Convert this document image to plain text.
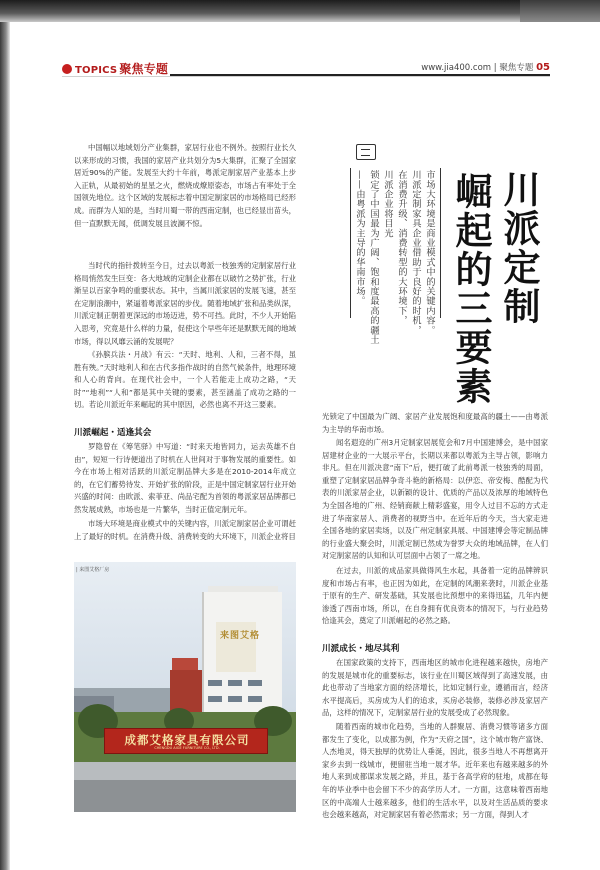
TOPICS 聚焦专题	www.jia400.com | 聚焦专题 05
川派定制
崛起的三要素
市场大环境是商业模式中的关键内容。
川派定制家具企业借助于良好的时机，
在消费升级、消费转型的大环境下，
川派企业将目光
锁定了中国最为广阔、饱和度最高的疆土
——由粤派为主导的华南市场。
中国幅以地域划分产业集群，家居行业也不例外。按照行业长久以来形成的习惯，我国的家居产业共划分为5大集群，汇聚了全国家居近90%的产能。发展至大约十年前，粤派定制家居产业基本上步入正轨，从最初始的星星之火，燃烧成燎原姿态，市场占有率处于全国领先地位。这个区域的发展标志着中国定制家居的市场格局已经形成。而群为人知的是，当时川蜀一带的西南定制，也已经显出苗头，但一直默默无闻，低调发展且波澜不惊。
当时代的指针拨转至今日，过去以粤派一枝独秀的定制家居行业格局悄然发生巨变：各大地域的定制企业都在以破竹之势扩张，行业渐呈以百家争鸣的重要状态。其中，当属川派家居的发展飞速，甚至在定制浪潮中，紧逼着粤派家居的步伐。随着地域扩张和品类纵深，川派定制正朝着更深远的市场迈进，势不可挡。此时，不少人开始陷入思考，究竟是什么样的力量，促使这个早些年还是默默无闻的地域市场，得以风靡云涌的发展呢？
《孙膑兵法・月战》有云：“天时、地利、人和，三者不得，虽胜有殃。”天时地利人和在古代多指作战时的自然气候条件，地理环境和人心的背向。在现代社会中，一个人若能走上成功之路，“天时”“地利”“人和”都是其中关键的要素，甚至涵盖了成功之路的一切。若论川派近年来崛起的其中原因，必然也离不开这三要素。
川派崛起・适逢其会
罗隐曾在《筹笔驿》中写道：“时来天地皆同力，运去英雄不自由”，短短一行诗便道出了时机在人世间对于事物发展的重要性。如今在市场上相对活跃的川派定制品牌大多是在2010-2014年成立的，在它们蓄势待发、开始扩张的阶段，正是中国定制家居行业开始兴盛的时间：由欧派、索菲亚、尚品宅配为首领的粤派家居品牌都已然发展成熟，市场也是一片繁华，当时正值定制元年。
市场大环境是商业模式中的关键内容，川派定制家居企业可谓赶上了最好的时机。在消费升级、消费转变的大环境下，川派企业将目
光锁定了中国最为广阔、家居产业发展饱和度最高的疆土——由粤派为主导的华南市场。
闻名遐迩的广州3月定制家居展览会和7月中国建博会，是中国家居建材企业的一大展示平台，长期以来都以粤派为主导占领，影响力非凡。但在川派决意“南下”后，便打破了此前粤派一枝独秀的局面，重塑了定制家居品牌争奇斗艳的新格局：以伊恋、帝安梅、酷配为代表的川派家居企业，以新颖的设计、优质的产品以及浓厚的地域特色为全国各地的广州、经销商献上精彩盛宴，用令人过目不忘的方式走进了华南家居人、消费者的视野当中。在近年后的今天，当大家走进全国各地的家居卖场，以及广州定制家具展、中国建博会等定制品牌的行业盛大聚会时，川派定制已然成为誉罗大众的地域品牌，在人们对定制家居的认知和认可层面中占领了一席之地。
在过去，川派的成品家具做得风生水起，具备着一定的品牌辨识度和市场占有率，也正因为如此，在定制的风潮来袭时，川派企业基于原有的生产、研发基础，其发展也比预想中的来得迅猛，几年内便渗透了西南市场，所以，在自身拥有优良资本的情况下，与行业趋势恰逢其会，奠定了川派崛起的必然之路。
川派成长・地尽其利
在国家政策的支持下，西南地区的城市化进程越来越快，房地产的发展是城市化的重要标志，该行业在川蜀区域得到了高速发展，由此也带动了当地家方面的经济增长，比如定制行业，遵循而言，经济水平提高后，买房成为人们的追求，买房必装修，装修必涉及家居产品，这样的情况下，定制家居行业的发展受成了必然现象。
随着西南的城市化趋势，当地的人群聚居、消费习惯等诸多方面都发生了变化，以成都为例，作为“天府之国”，这个城市物产富饶、人杰地灵，得天独厚的优势让人垂涎，因此，很多当地人不再想离开家乡去到一线城市，便留驻当地一展才华。近年来也有越来越多的外地人来到成都谋求发展之路，并且，基于各高学府的驻地，成都在每年的毕业季中也会留下不少的高学历人才。一方面，这意味着西南地区的中高端人士越来越多，他们的生活水平，以及对生活品质的要求也会越来越高，对定制家居有着必然需求；另一方面，得到人才
来图艾格
成都艾格家具有限公司
CHENGDU AIGE FURNITURE CO., LTD.
| 来图艾格厂房
